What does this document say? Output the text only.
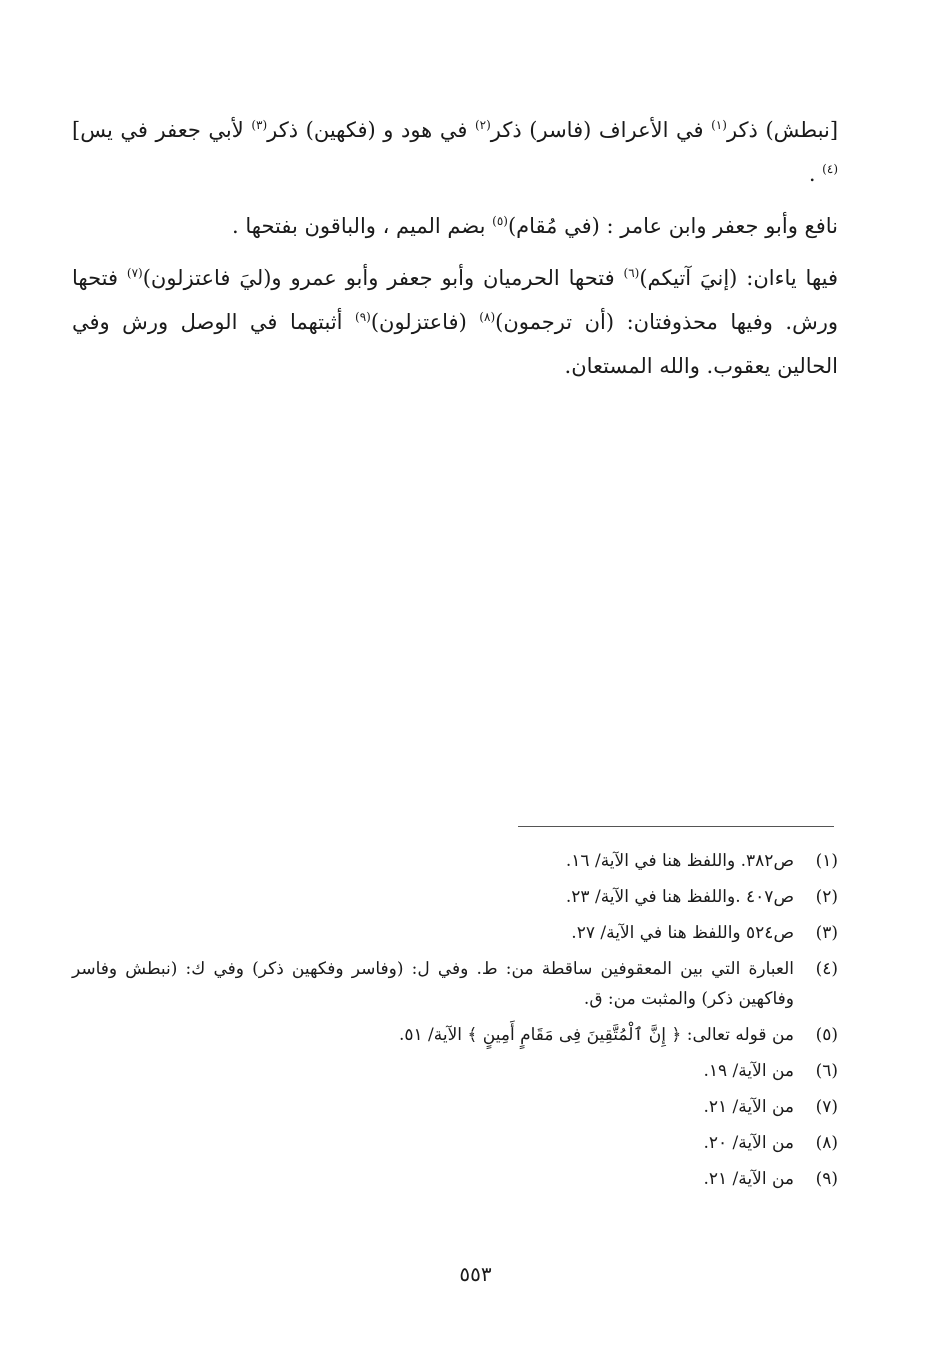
[نبطش) ذكر$^{(١)}$ في الأعراف (فاسر) ذكر$^{(٢)}$ في هود و (فكهين) ذكر$^{(٣)}$ لأبي جعفر في يس]$^{(٤)}$ .

نافع وأبو جعفر وابن عامر : (في مُقام)$^{(٥)}$ بضم الميم ، والباقون بفتحها .

فيها ياءان: (إنيَ آتيكم)$^{(٦)}$ فتحها الحرميان وأبو جعفر وأبو عمرو و(ليَ فاعتزلون)$^{(٧)}$ فتحها ورش. وفيها محذوفتان: (أن ترجمون)$^{(٨)}$ (فاعتزلون)$^{(٩)}$ أثبتهما في الوصل ورش وفي الحالين يعقوب. والله المستعان.

(١)
ص٣٨٢. واللفظ هنا في الآية/ ١٦.
(٢)
ص٤٠٧ .واللفظ هنا في الآية/ ٢٣.
(٣)
ص٥٢٤ واللفظ هنا في الآية/ ٢٧.
(٤)
العبارة التي بين المعقوفين ساقطة من: ط. وفي ل: (وفاسر وفكهين ذكر) وفي ك: (نبطش وفاسر وفاكهين ذكر) والمثبت من: ق.
(٥)
من قوله تعالى: ﴿ إِنَّ ٱلْمُتَّقِينَ فِى مَقَامٍ أَمِينٍ ﴾ الآية/ ٥١.
(٦)
من الآية/ ١٩.
(٧)
من الآية/ ٢١.
(٨)
من الآية/ ٢٠.
(٩)
من الآية/ ٢١.
٥٥٣
